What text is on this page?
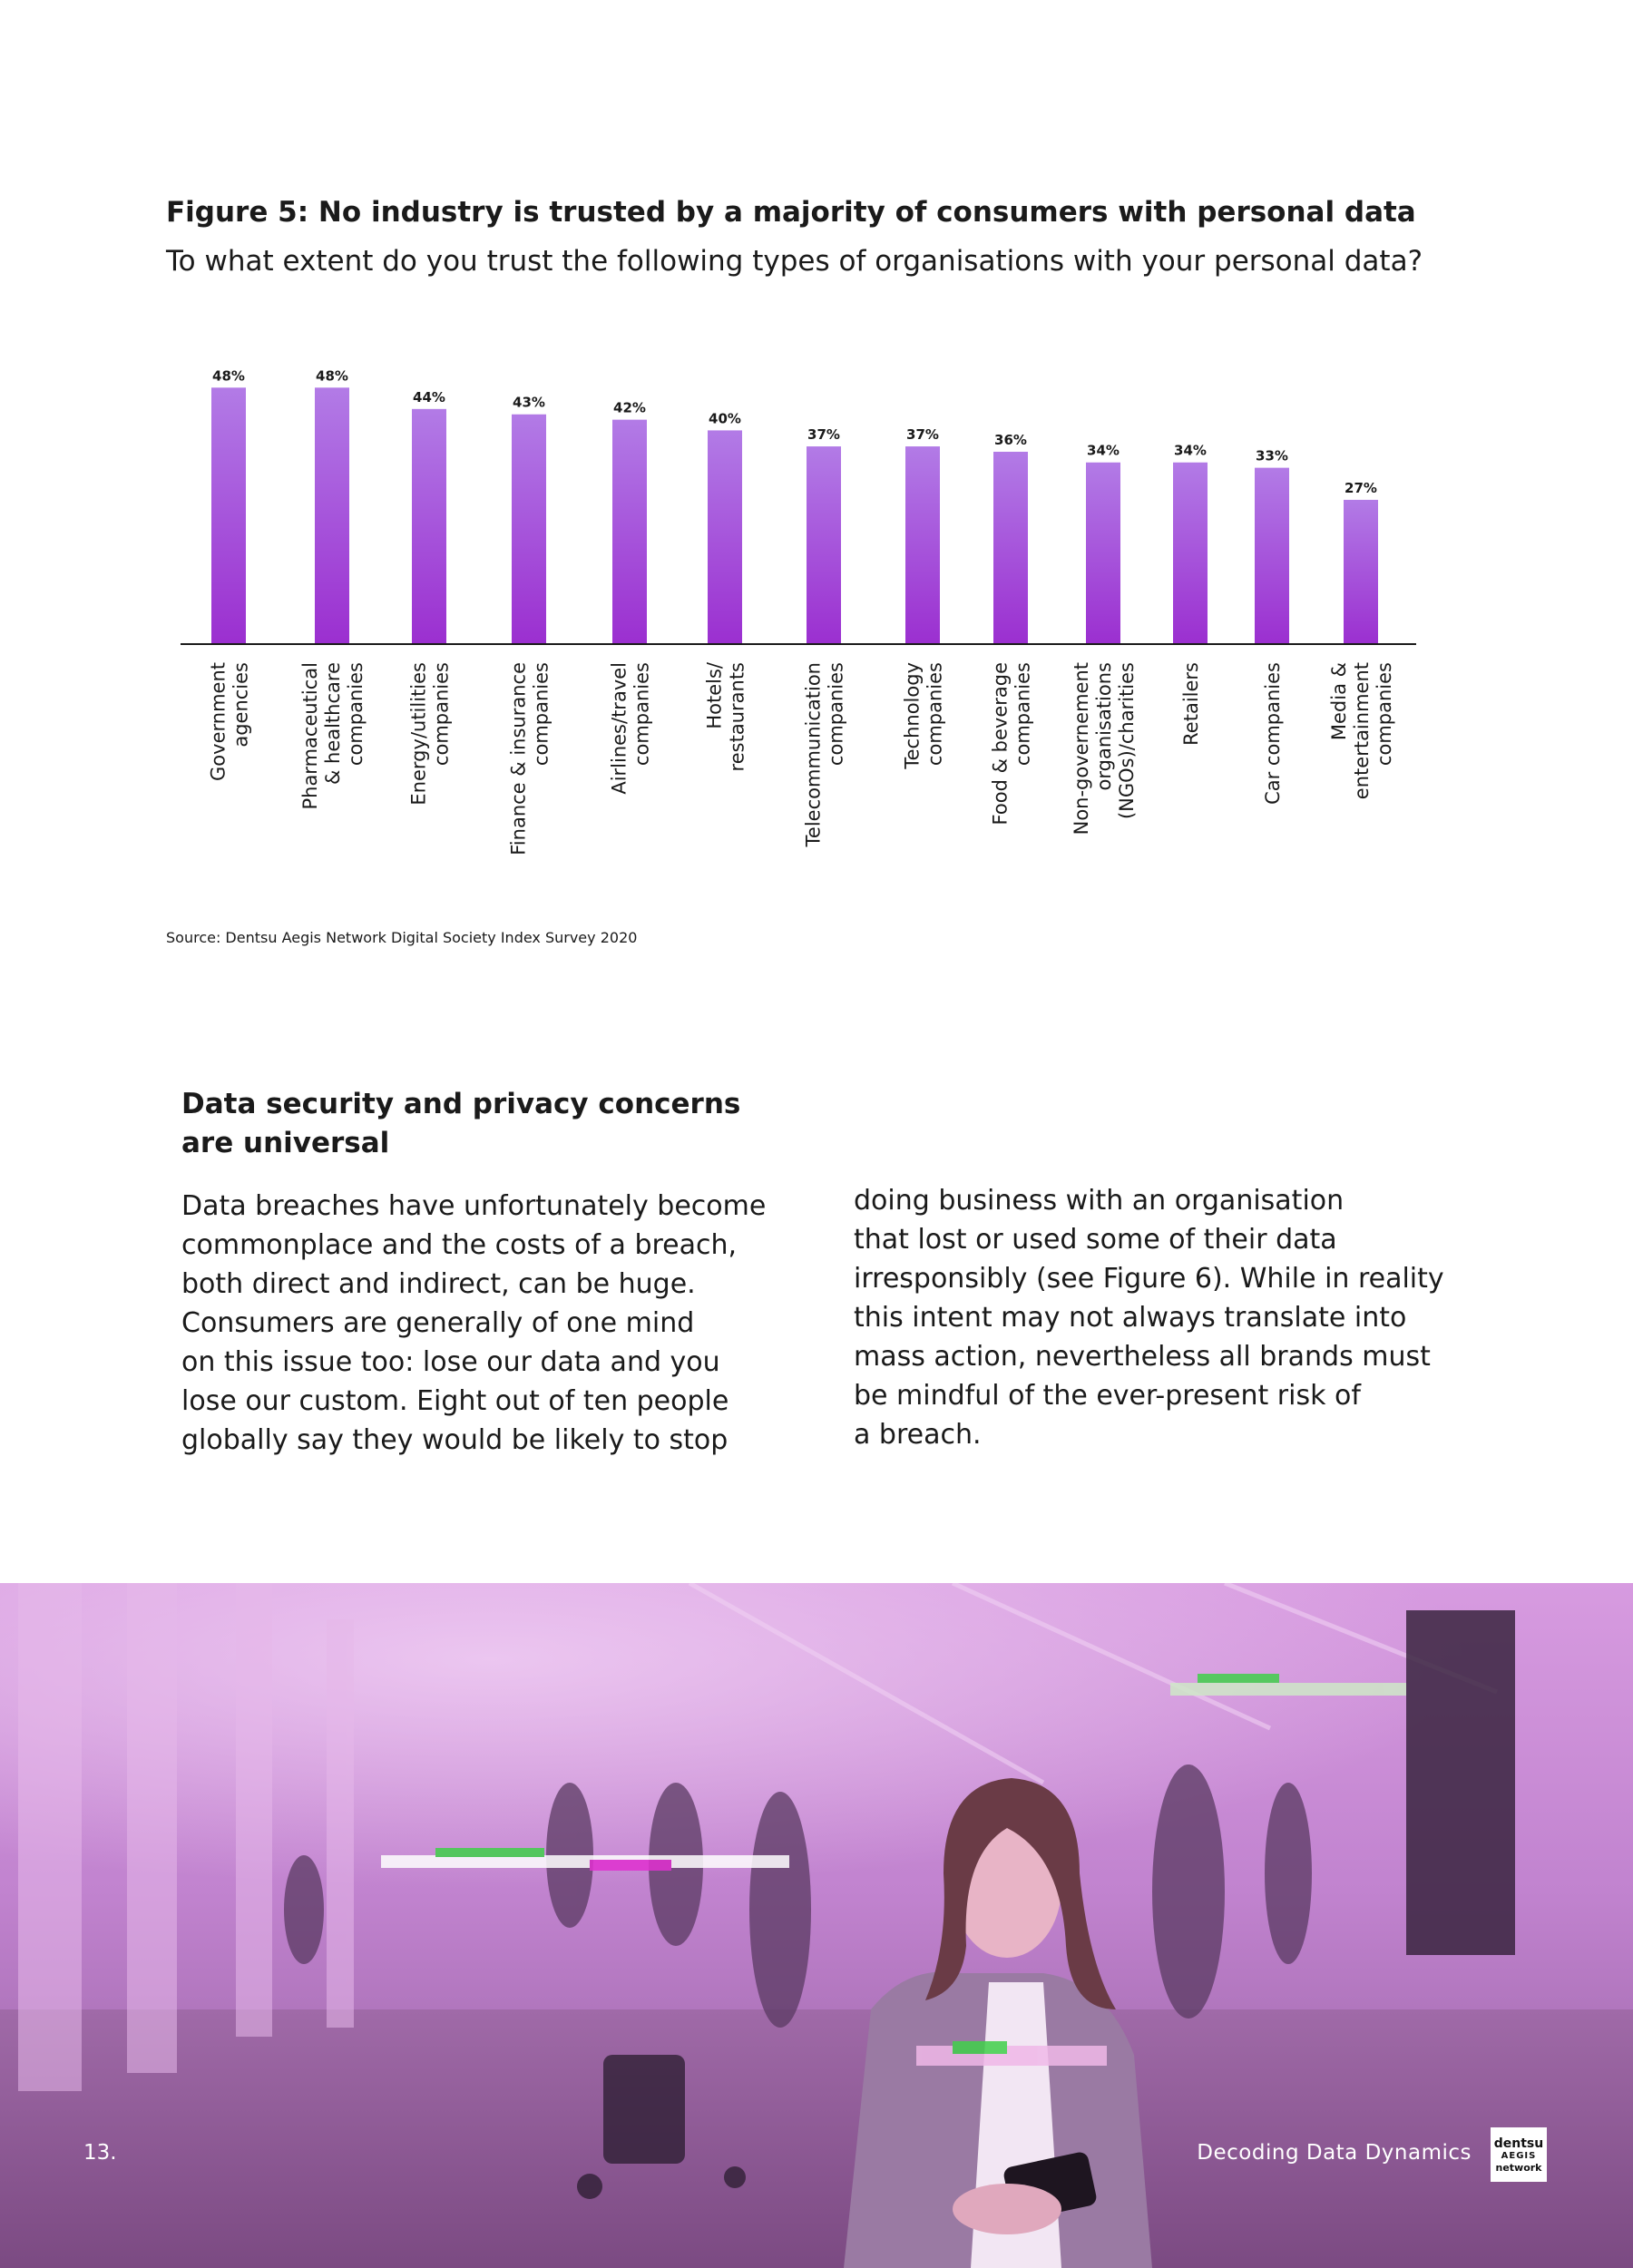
Figure 5: No industry is trusted by a majority of consumers with personal data

To what extent do you trust the following types of organisations with your personal data?

48%	48%
44%	43%	42%
40%
37%	37%	36%
34%	34%	33%
27%
Government agencies	Pharmaceutical & healthcare companies Energy/utilities companies	Finance & insurance companies	Airlines/travel companies	Hotels/ restaurants	Telecommunication companies	Technology companies Food & beverage companies Non-governement organisations (NGOs)/charities Retailers	Car companies Media & entertainment companies
Source: Dentsu Aegis Network Digital Society Index Survey 2020
Data security and privacy concerns
are universal
Data breaches have unfortunately become
commonplace and the costs of a breach,
both direct and indirect, can be huge.
Consumers are generally of one mind
on this issue too: lose our data and you
lose our custom. Eight out of ten people
globally say they would be likely to stop
doing business with an organisation
that lost or used some of their data
irresponsibly (see Figure 6). While in reality
this intent may not always translate into
mass action, nevertheless all brands must
be mindful of the ever-present risk of
a breach.
13.	Decoding Data Dynamics dentsu
AEGIS
network
